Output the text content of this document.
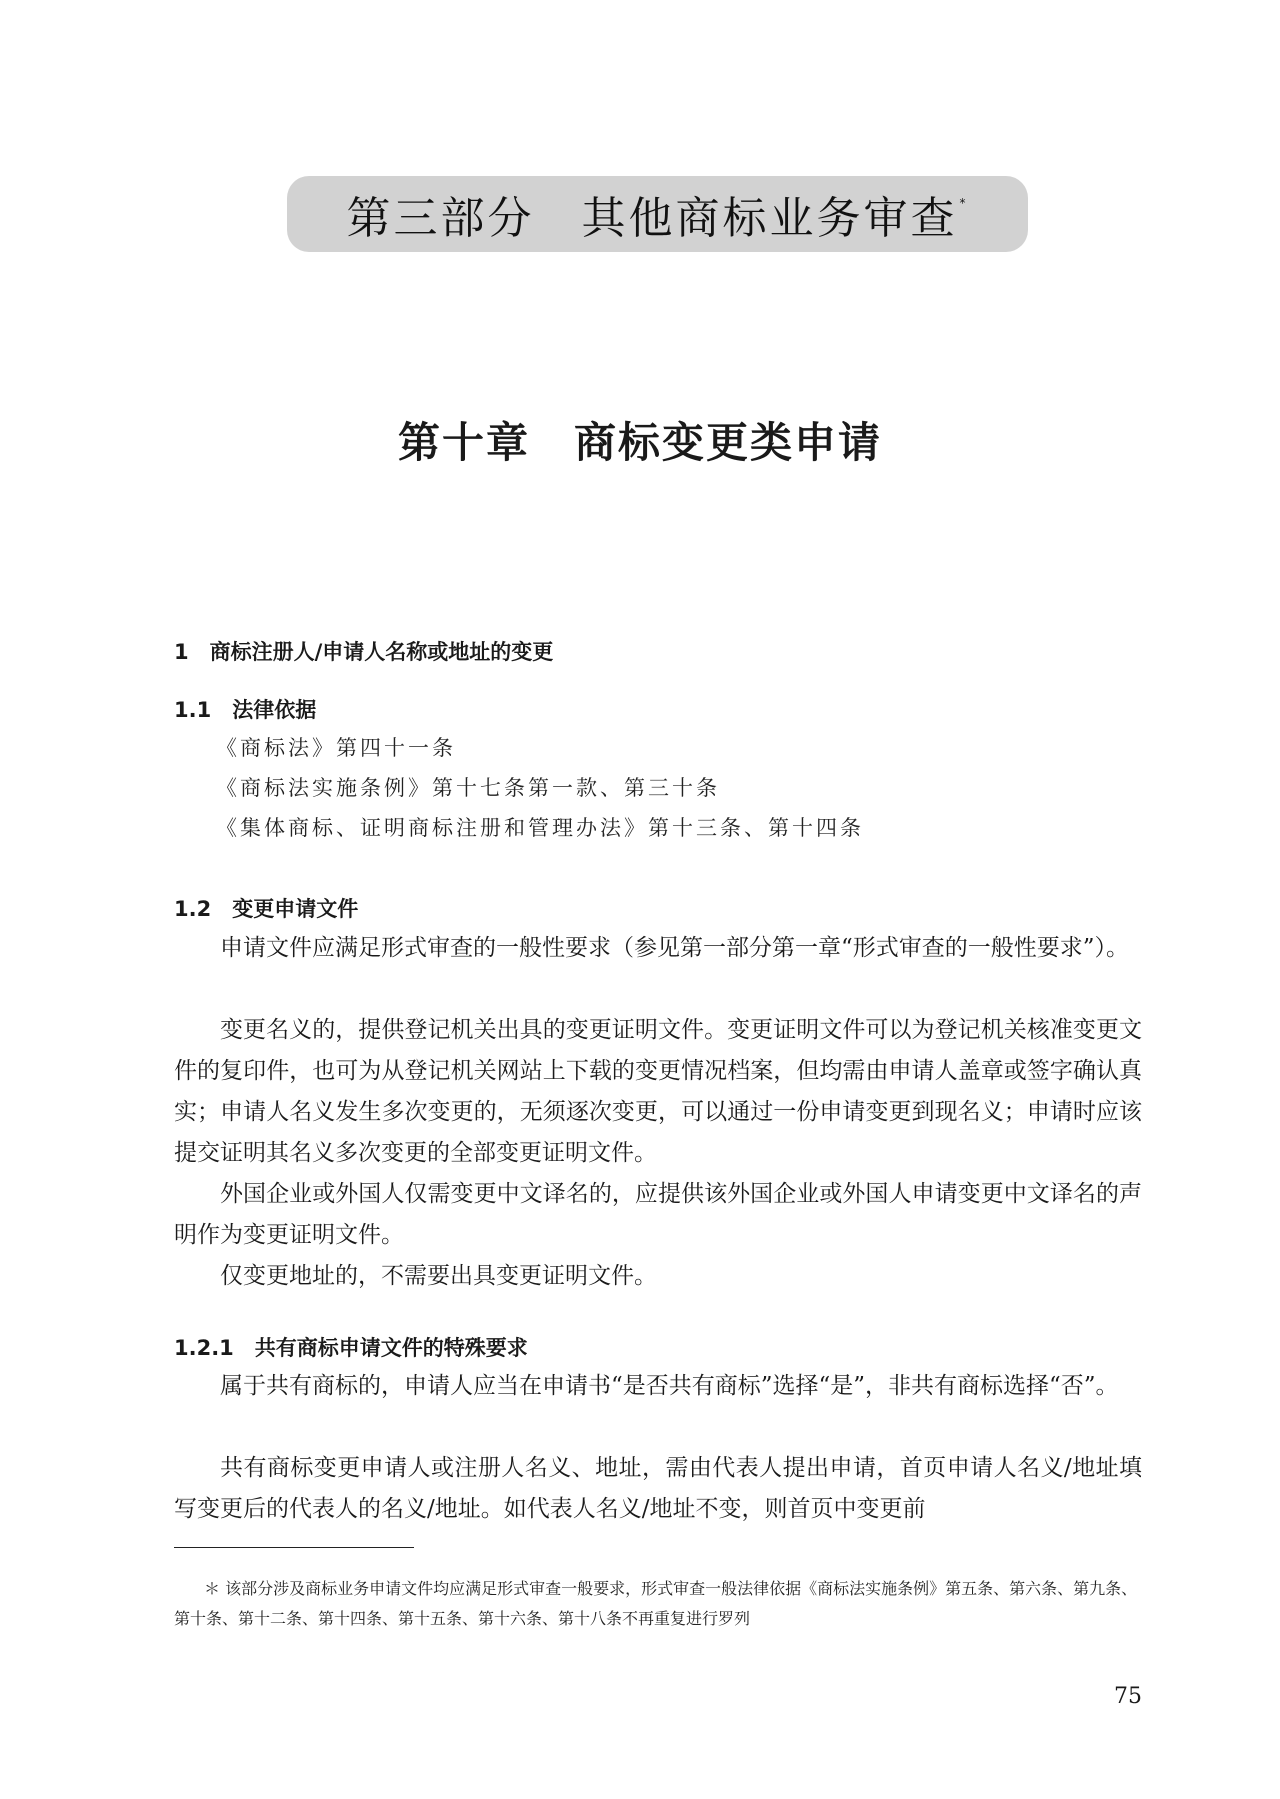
第三部分　其他商标业务审查 *
第十章　商标变更类申请
1　商标注册人/申请人名称或地址的变更
1.1　法律依据
《商标法》第四十一条
《商标法实施条例》第十七条第一款、第三十条
《集体商标、证明商标注册和管理办法》第十三条、第十四条
1.2　变更申请文件
申请文件应满足形式审查的一般性要求（参见第一部分第一章“形式审查的一般性要求”）。
变更名义的，提供登记机关出具的变更证明文件。变更证明文件可以为登记机关核准变更文件的复印件，也可为从登记机关网站上下载的变更情况档案，但均需由申请人盖章或签字确认真实；申请人名义发生多次变更的，无须逐次变更，可以通过一份申请变更到现名义；申请时应该提交证明其名义多次变更的全部变更证明文件。
外国企业或外国人仅需变更中文译名的，应提供该外国企业或外国人申请变更中文译名的声明作为变更证明文件。
仅变更地址的，不需要出具变更证明文件。
1.2.1　共有商标申请文件的特殊要求
属于共有商标的，申请人应当在申请书“是否共有商标”选择“是”，非共有商标选择“否”。
共有商标变更申请人或注册人名义、地址，需由代表人提出申请，首页申请人名义/地址填写变更后的代表人的名义/地址。如代表人名义/地址不变，则首页中变更前
＊ 该部分涉及商标业务申请文件均应满足形式审查一般要求，形式审查一般法律依据《商标法实施条例》第五条、第六条、第九条、第十条、第十二条、第十四条、第十五条、第十六条、第十八条不再重复进行罗列
75
